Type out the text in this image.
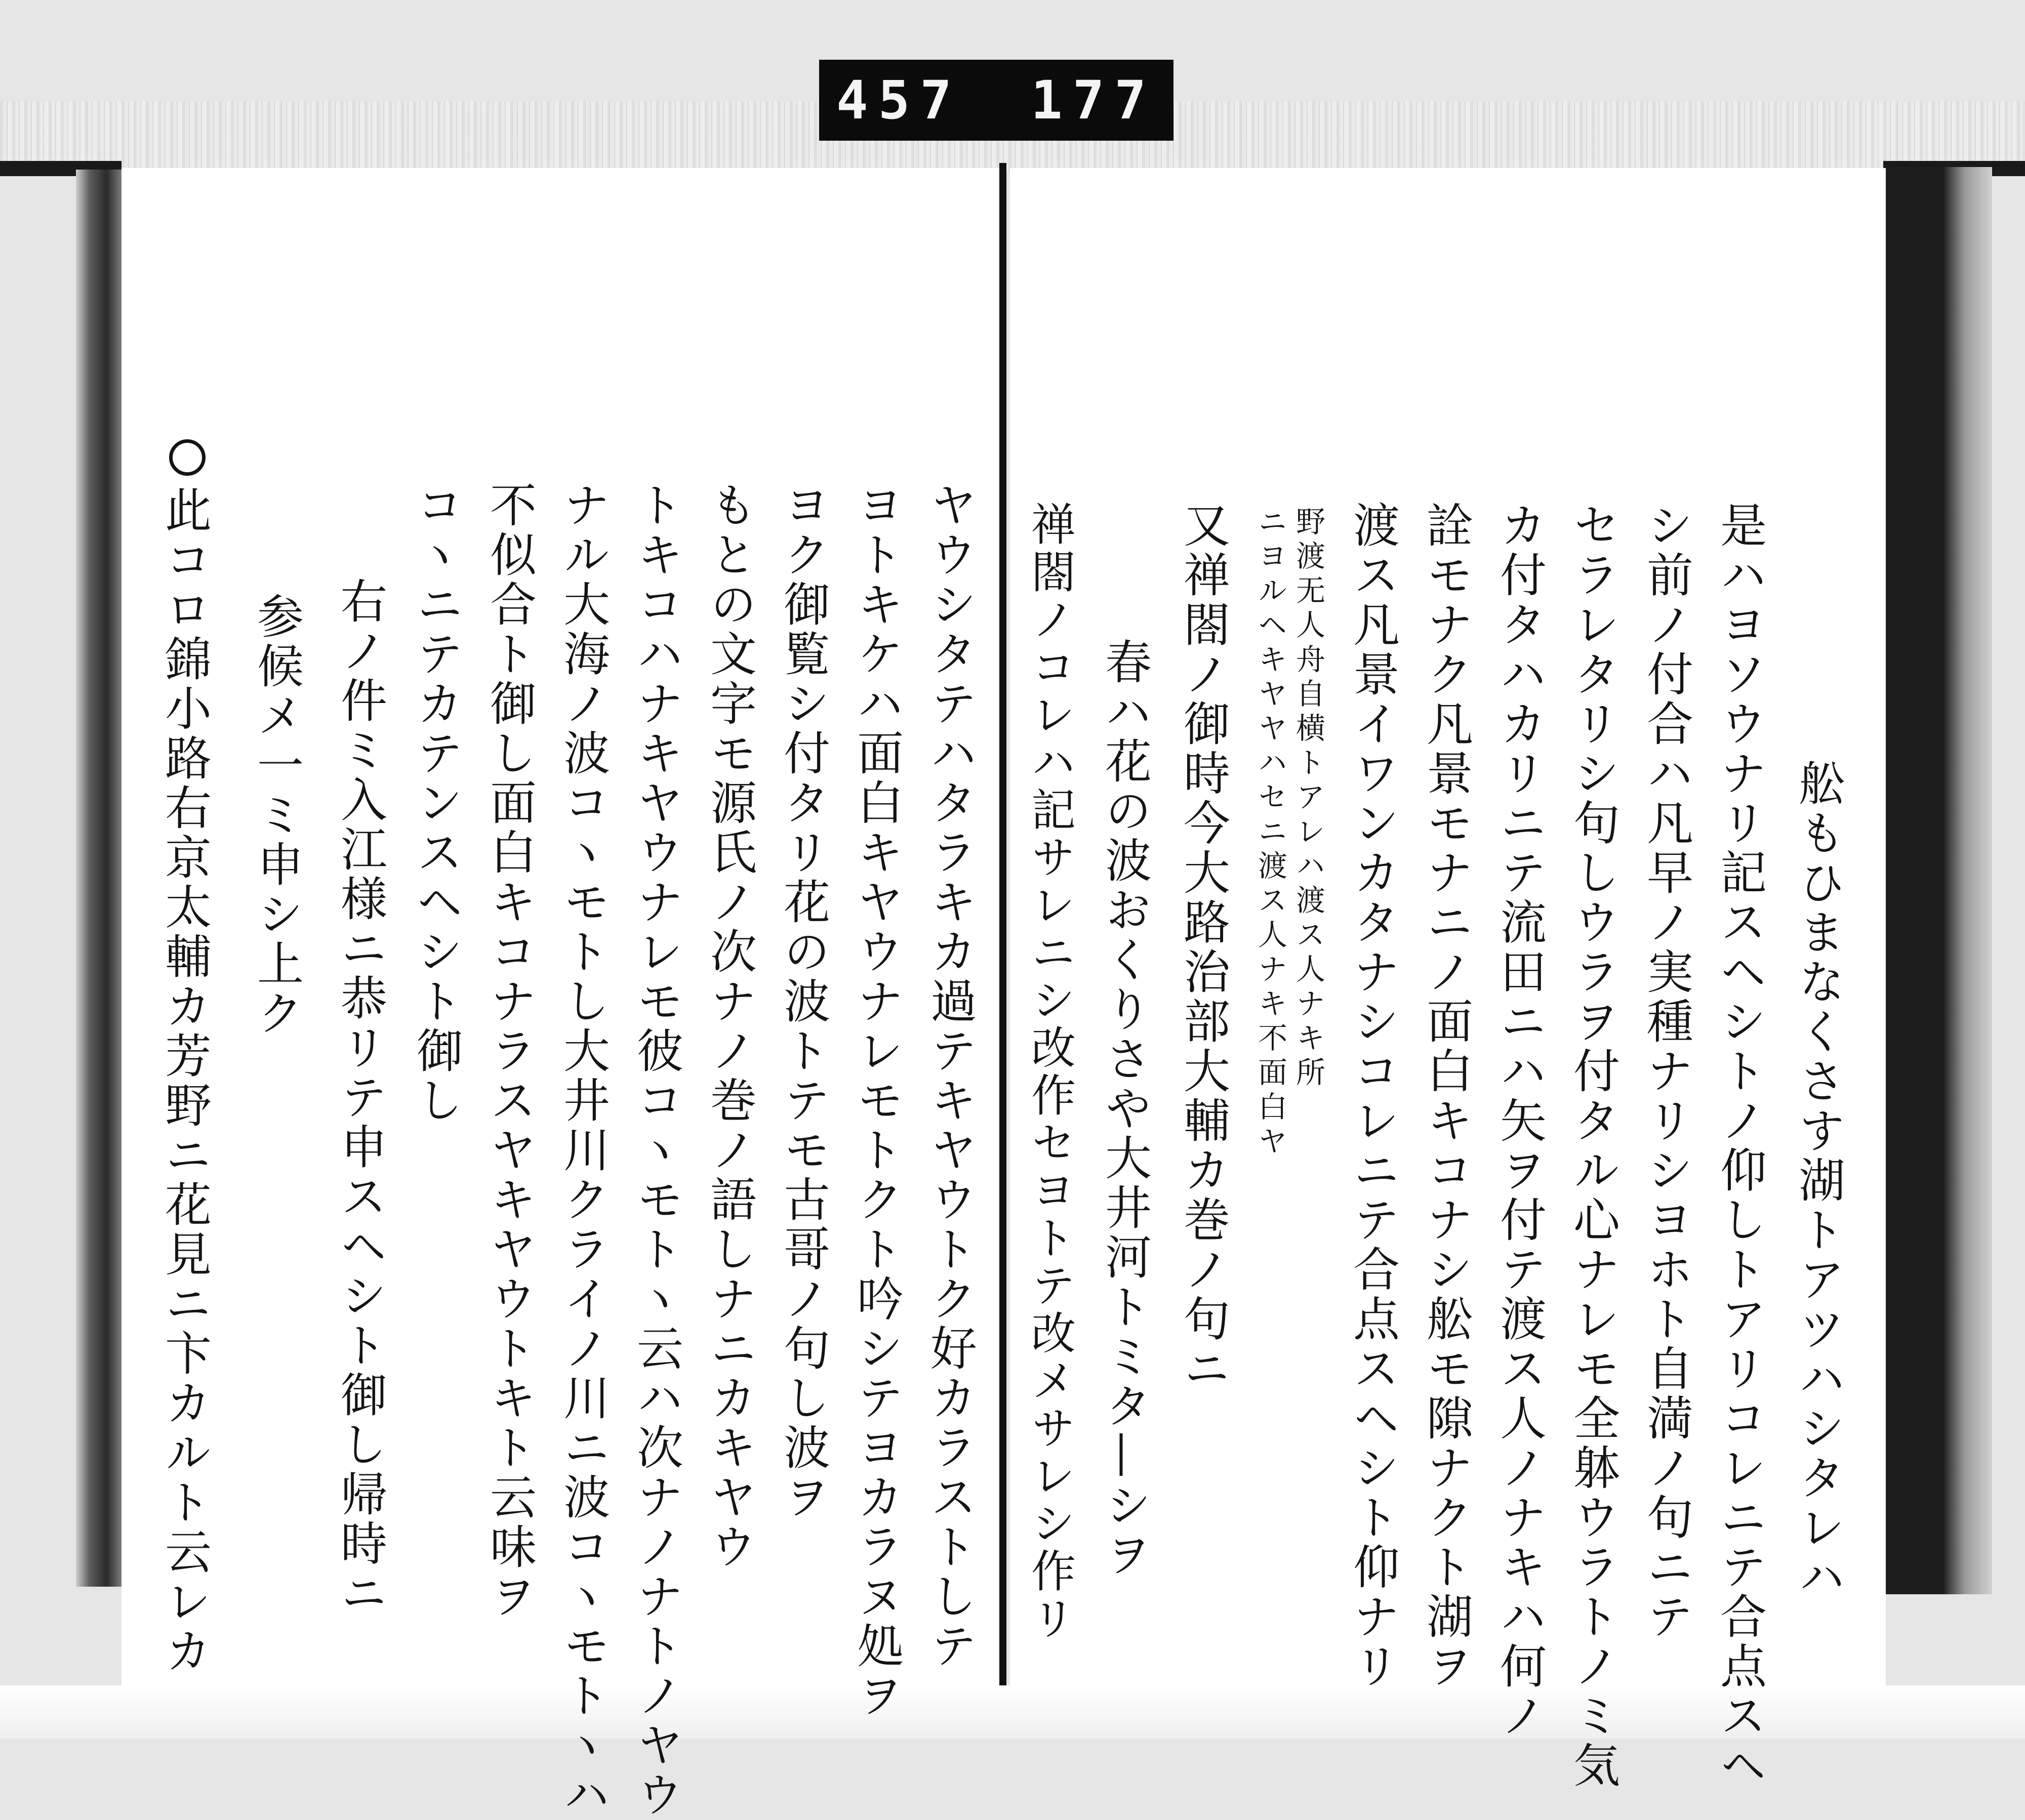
457 177
舩もひまなくさす湖トアツハシタレハ
是ハヨソウナリ記スヘシトノ仰しトアリコレニテ合点スヘ
シ前ノ付合ハ凡早ノ実種ナリシヨホト自満ノ句ニテ
セラレタリシ句しウラヲ付タル心ナレモ全躰ウラトノミ気
カ付タハカリニテ流田ニハ矢ヲ付テ渡ス人ノナキハ何ノ
詮モナク凡景モナニノ面白キコナシ舩モ隙ナクト湖ヲ
渡ス凡景イワンカタナシコレニテ合点スヘシト仰ナリ
野渡无人舟自横トアレハ渡ス人ナキ所
ニヨルヘキヤヤハセニ渡ス人ナキ不面白ヤ
又禅閤ノ御時今大路治部大輔カ巻ノ句ニ
春ハ花の波おくりさや大井河トミタ—シヲ
禅閤ノコレハ記サレニシ改作セヨトテ改メサレシ作リ
ヤウシタテハタラキカ過テキヤウトク好カラストしテ
ヨトキケハ面白キヤウナレモトクト吟シテヨカラヌ処ヲ
ヨク御覧シ付タリ花の波トテモ古哥ノ句し波ヲ
もとの文字モ源氏ノ次ナノ巻ノ語しナニカキヤウ
トキコハナキヤウナレモ彼コヽモトヽ云ハ次ナノナトノヤウ
ナル大海ノ波コヽモトし大井川クライノ川ニ波コヽモトヽハ
不似合ト御し面白キコナラスヤキヤウトキト云味ヲ
コヽニテカテンスヘシト御し
右ノ件ミ入江様ニ恭リテ申スヘシト御し帰時ニ
参候メ一ミ申シ上ク
此コロ錦小路右京太輔カ芳野ニ花見ニ卞カルト云レカ
